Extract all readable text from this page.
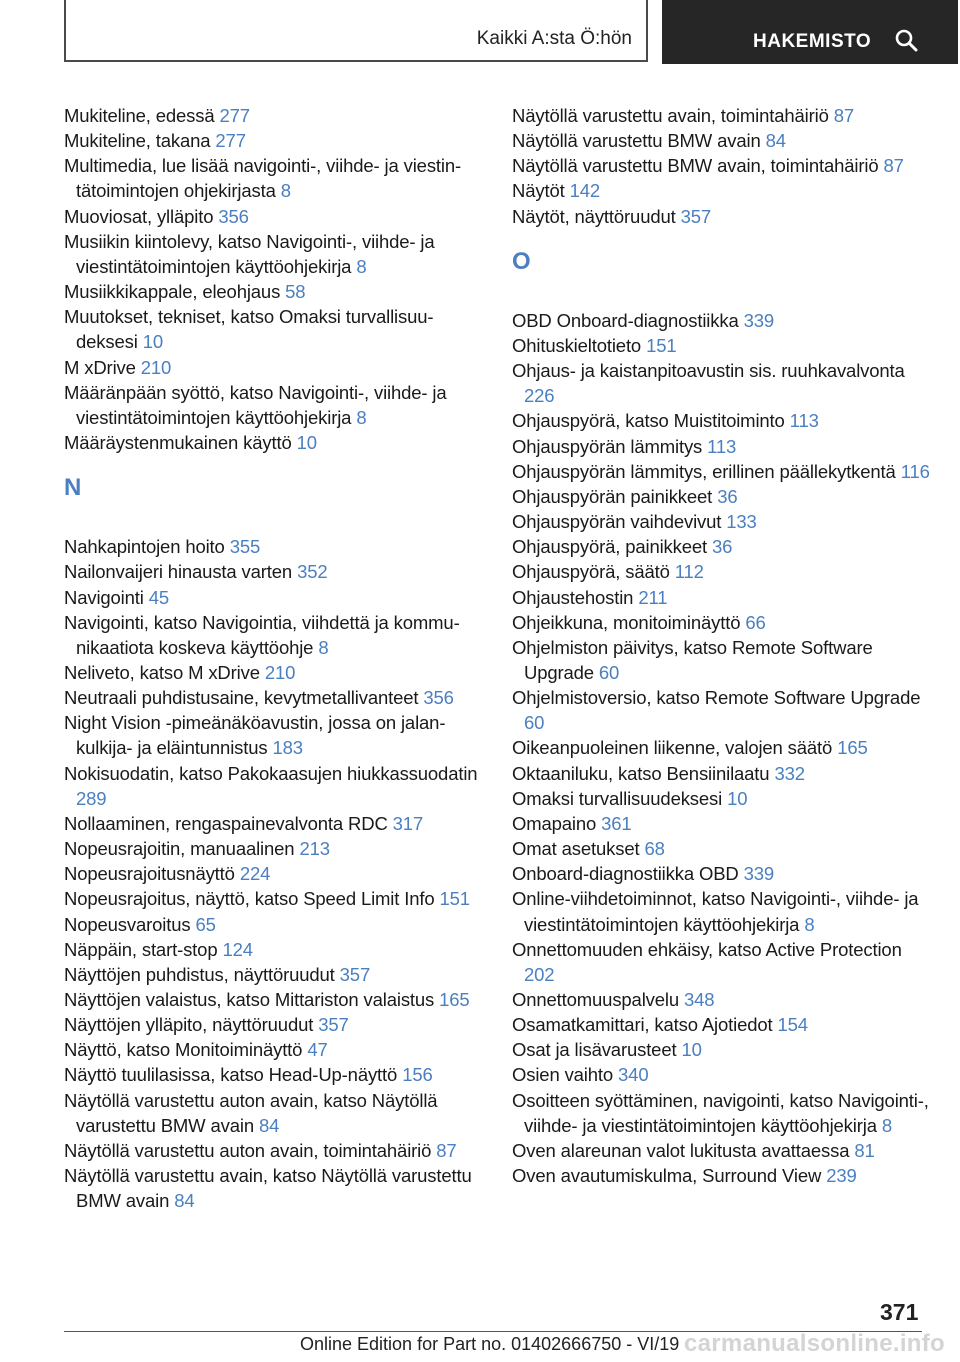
Kaikki A:sta Ö:hön	HAKEMISTO

Mukiteline, edessä 277

Mukiteline, takana 277

Multimedia, lue lisää navigointi-, viihde- ja viestintätoimintojen ohjekirjasta 8

Muoviosat, ylläpito 356

Musiikin kiintolevy, katso Navigointi-, viihde- ja viestintätoimintojen käyttöohjekirja 8

Musiikkikappale, eleohjaus 58

Muutokset, tekniset, katso Omaksi turvallisuudeksesi 10

M xDrive 210

Määränpään syöttö, katso Navigointi-, viihde- ja viestintätoimintojen käyttöohjekirja 8

Määräystenmukainen käyttö 10

N

Nahkapintojen hoito 355

Nailonvaijeri hinausta varten 352

Navigointi 45

Navigointi, katso Navigointia, viihdettä ja kommunikaatiota koskeva käyttöohje 8

Neliveto, katso M xDrive 210

Neutraali puhdistusaine, kevytmetallivanteet 356

Night Vision -pimeänäköavustin, jossa on jalankulkija- ja eläintunnistus 183

Nokisuodatin, katso Pakokaasujen hiukkassuodatin 289

Nollaaminen, rengaspainevalvonta RDC 317

Nopeusrajoitin, manuaalinen 213

Nopeusrajoitusnäyttö 224

Nopeusrajoitus, näyttö, katso Speed Limit Info 151

Nopeusvaroitus 65

Näppäin, start-stop 124

Näyttöjen puhdistus, näyttöruudut 357

Näyttöjen valaistus, katso Mittariston valaistus 165

Näyttöjen ylläpito, näyttöruudut 357

Näyttö, katso Monitoiminäyttö 47

Näyttö tuulilasissa, katso Head-Up-näyttö 156

Näytöllä varustettu auton avain, katso Näytöllä varustettu BMW avain 84

Näytöllä varustettu auton avain, toimintahäiriö 87

Näytöllä varustettu avain, katso Näytöllä varustettu BMW avain 84

Näytöllä varustettu avain, toimintahäiriö 87

Näytöllä varustettu BMW avain 84

Näytöllä varustettu BMW avain, toimintahäiriö 87

Näytöt 142

Näytöt, näyttöruudut 357

O

OBD Onboard-diagnostiikka 339

Ohituskieltotieto 151

Ohjaus- ja kaistanpitoavustin sis. ruuhkavalvonta 226

Ohjauspyörä, katso Muistitoiminto 113

Ohjauspyörän lämmitys 113

Ohjauspyörän lämmitys, erillinen päällekytkentä 116

Ohjauspyörän painikkeet 36

Ohjauspyörän vaihdevivut 133

Ohjauspyörä, painikkeet 36

Ohjauspyörä, säätö 112

Ohjaustehostin 211

Ohjeikkuna, monitoiminäyttö 66

Ohjelmiston päivitys, katso Remote Software Upgrade 60

Ohjelmistoversio, katso Remote Software Upgrade 60

Oikeanpuoleinen liikenne, valojen säätö 165

Oktaaniluku, katso Bensiinilaatu 332

Omaksi turvallisuudeksesi 10

Omapaino 361

Omat asetukset 68

Onboard-diagnostiikka OBD 339

Online-viihdetoiminnot, katso Navigointi-, viihde- ja viestintätoimintojen käyttöohjekirja 8

Onnettomuuden ehkäisy, katso Active Protection 202

Onnettomuuspalvelu 348

Osamatkamittari, katso Ajotiedot 154

Osat ja lisävarusteet 10

Osien vaihto 340

Osoitteen syöttäminen, navigointi, katso Navigointi-, viihde- ja viestintätoimintojen käyttöohjekirja 8

Oven alareunan valot lukitusta avattaessa 81

Oven avautumiskulma, Surround View 239

371
Online Edition for Part no. 01402666750 - VI/19 carmanualsonline.info
